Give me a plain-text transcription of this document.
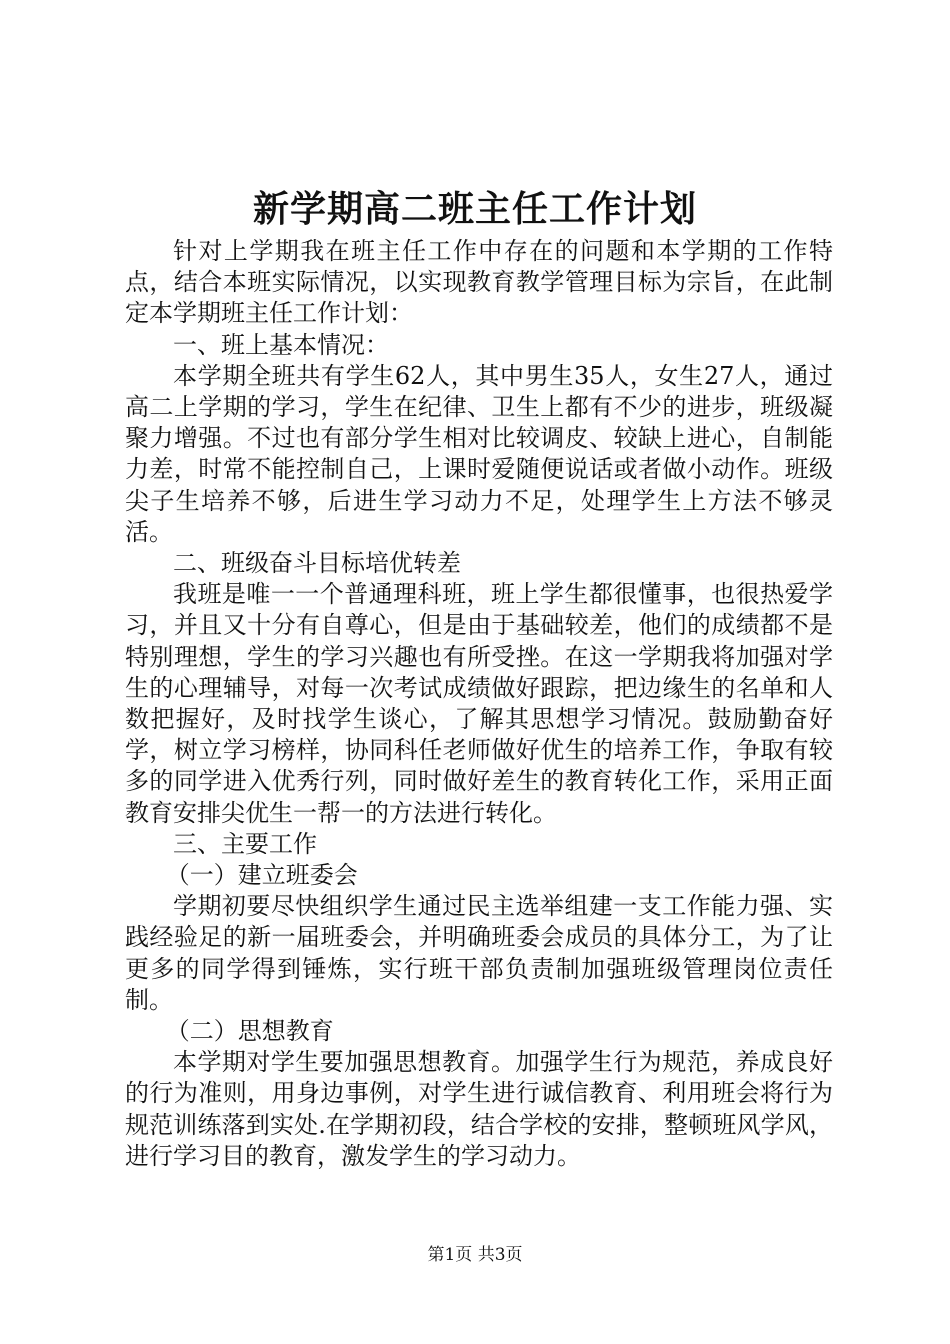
新学期高二班主任工作计划

针对上学期我在班主任工作中存在的问题和本学期的工作特点，结合本班实际情况，以实现教育教学管理目标为宗旨，在此制定本学期班主任工作计划：

一、班上基本情况：

本学期全班共有学生62人，其中男生35人，女生27人，通过高二上学期的学习，学生在纪律、卫生上都有不少的进步，班级凝聚力增强。不过也有部分学生相对比较调皮、较缺上进心，自制能力差，时常不能控制自己，上课时爱随便说话或者做小动作。班级尖子生培养不够，后进生学习动力不足，处理学生上方法不够灵活。

二、班级奋斗目标培优转差

我班是唯一一个普通理科班，班上学生都很懂事，也很热爱学习，并且又十分有自尊心，但是由于基础较差，他们的成绩都不是特别理想，学生的学习兴趣也有所受挫。在这一学期我将加强对学生的心理辅导，对每一次考试成绩做好跟踪，把边缘生的名单和人数把握好，及时找学生谈心，了解其思想学习情况。鼓励勤奋好学，树立学习榜样，协同科任老师做好优生的培养工作，争取有较多的同学进入优秀行列，同时做好差生的教育转化工作，采用正面教育安排尖优生一帮一的方法进行转化。

三、主要工作

（一）建立班委会

学期初要尽快组织学生通过民主选举组建一支工作能力强、实践经验足的新一届班委会，并明确班委会成员的具体分工，为了让更多的同学得到锤炼，实行班干部负责制加强班级管理岗位责任制。

（二）思想教育

本学期对学生要加强思想教育。加强学生行为规范，养成良好的行为准则，用身边事例，对学生进行诚信教育、利用班会将行为规范训练落到实处.在学期初段，结合学校的安排，整顿班风学风，进行学习目的教育，激发学生的学习动力。

第1页 共3页
